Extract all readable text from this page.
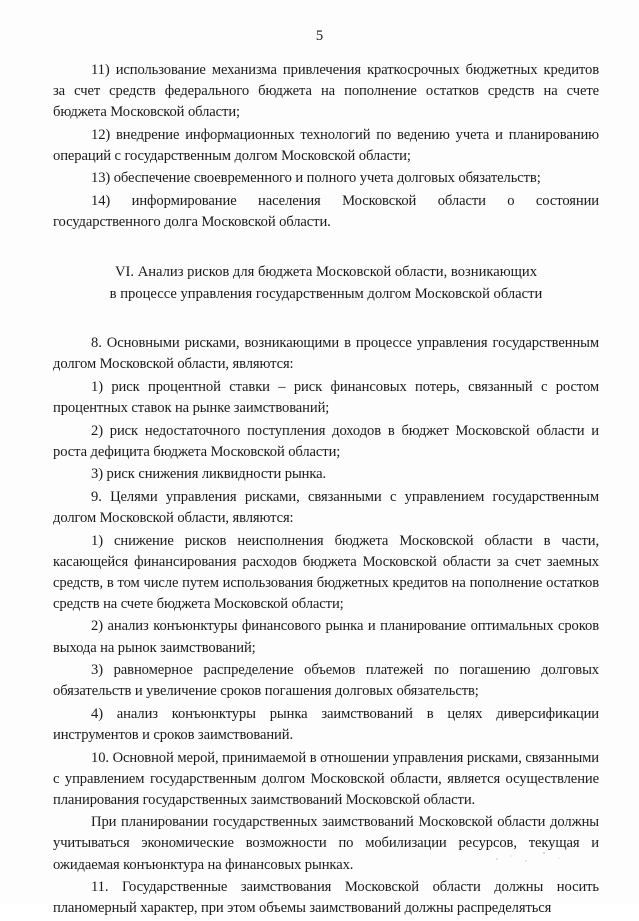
5

11) использование механизма привлечения краткосрочных бюджетных кредитов за счет средств федерального бюджета на пополнение остатков средств на счете бюджета Московской области;

12) внедрение информационных технологий по ведению учета и планированию операций с государственным долгом Московской области;

13) обеспечение своевременного и полного учета долговых обязательств;

14) информирование населения Московской области о состоянии государственного долга Московской области.

VI. Анализ рисков для бюджета Московской области, возникающих
в процессе управления государственным долгом Московской области

8. Основными рисками, возникающими в процессе управления государственным долгом Московской области, являются:

1) риск процентной ставки – риск финансовых потерь, связанный с ростом процентных ставок на рынке заимствований;

2) риск недостаточного поступления доходов в бюджет Московской области и роста дефицита бюджета Московской области;

3) риск снижения ликвидности рынка.

9. Целями управления рисками, связанными с управлением государственным долгом Московской области, являются:

1) снижение рисков неисполнения бюджета Московской области в части, касающейся финансирования расходов бюджета Московской области за счет заемных средств, в том числе путем использования бюджетных кредитов на пополнение остатков средств на счете бюджета Московской области;

2) анализ конъюнктуры финансового рынка и планирование оптимальных сроков выхода на рынок заимствований;

3) равномерное распределение объемов платежей по погашению долговых обязательств и увеличение сроков погашения долговых обязательств;

4) анализ конъюнктуры рынка заимствований в целях диверсификации инструментов и сроков заимствований.

10. Основной мерой, принимаемой в отношении управления рисками, связанными с управлением государственным долгом Московской области, является осуществление планирования государственных заимствований Московской области.

При планировании государственных заимствований Московской области должны учитываться экономические возможности по мобилизации ресурсов, текущая и ожидаемая конъюнктура на финансовых рынках.

11. Государственные заимствования Московской области должны носить планомерный характер, при этом объемы заимствований должны распределяться
